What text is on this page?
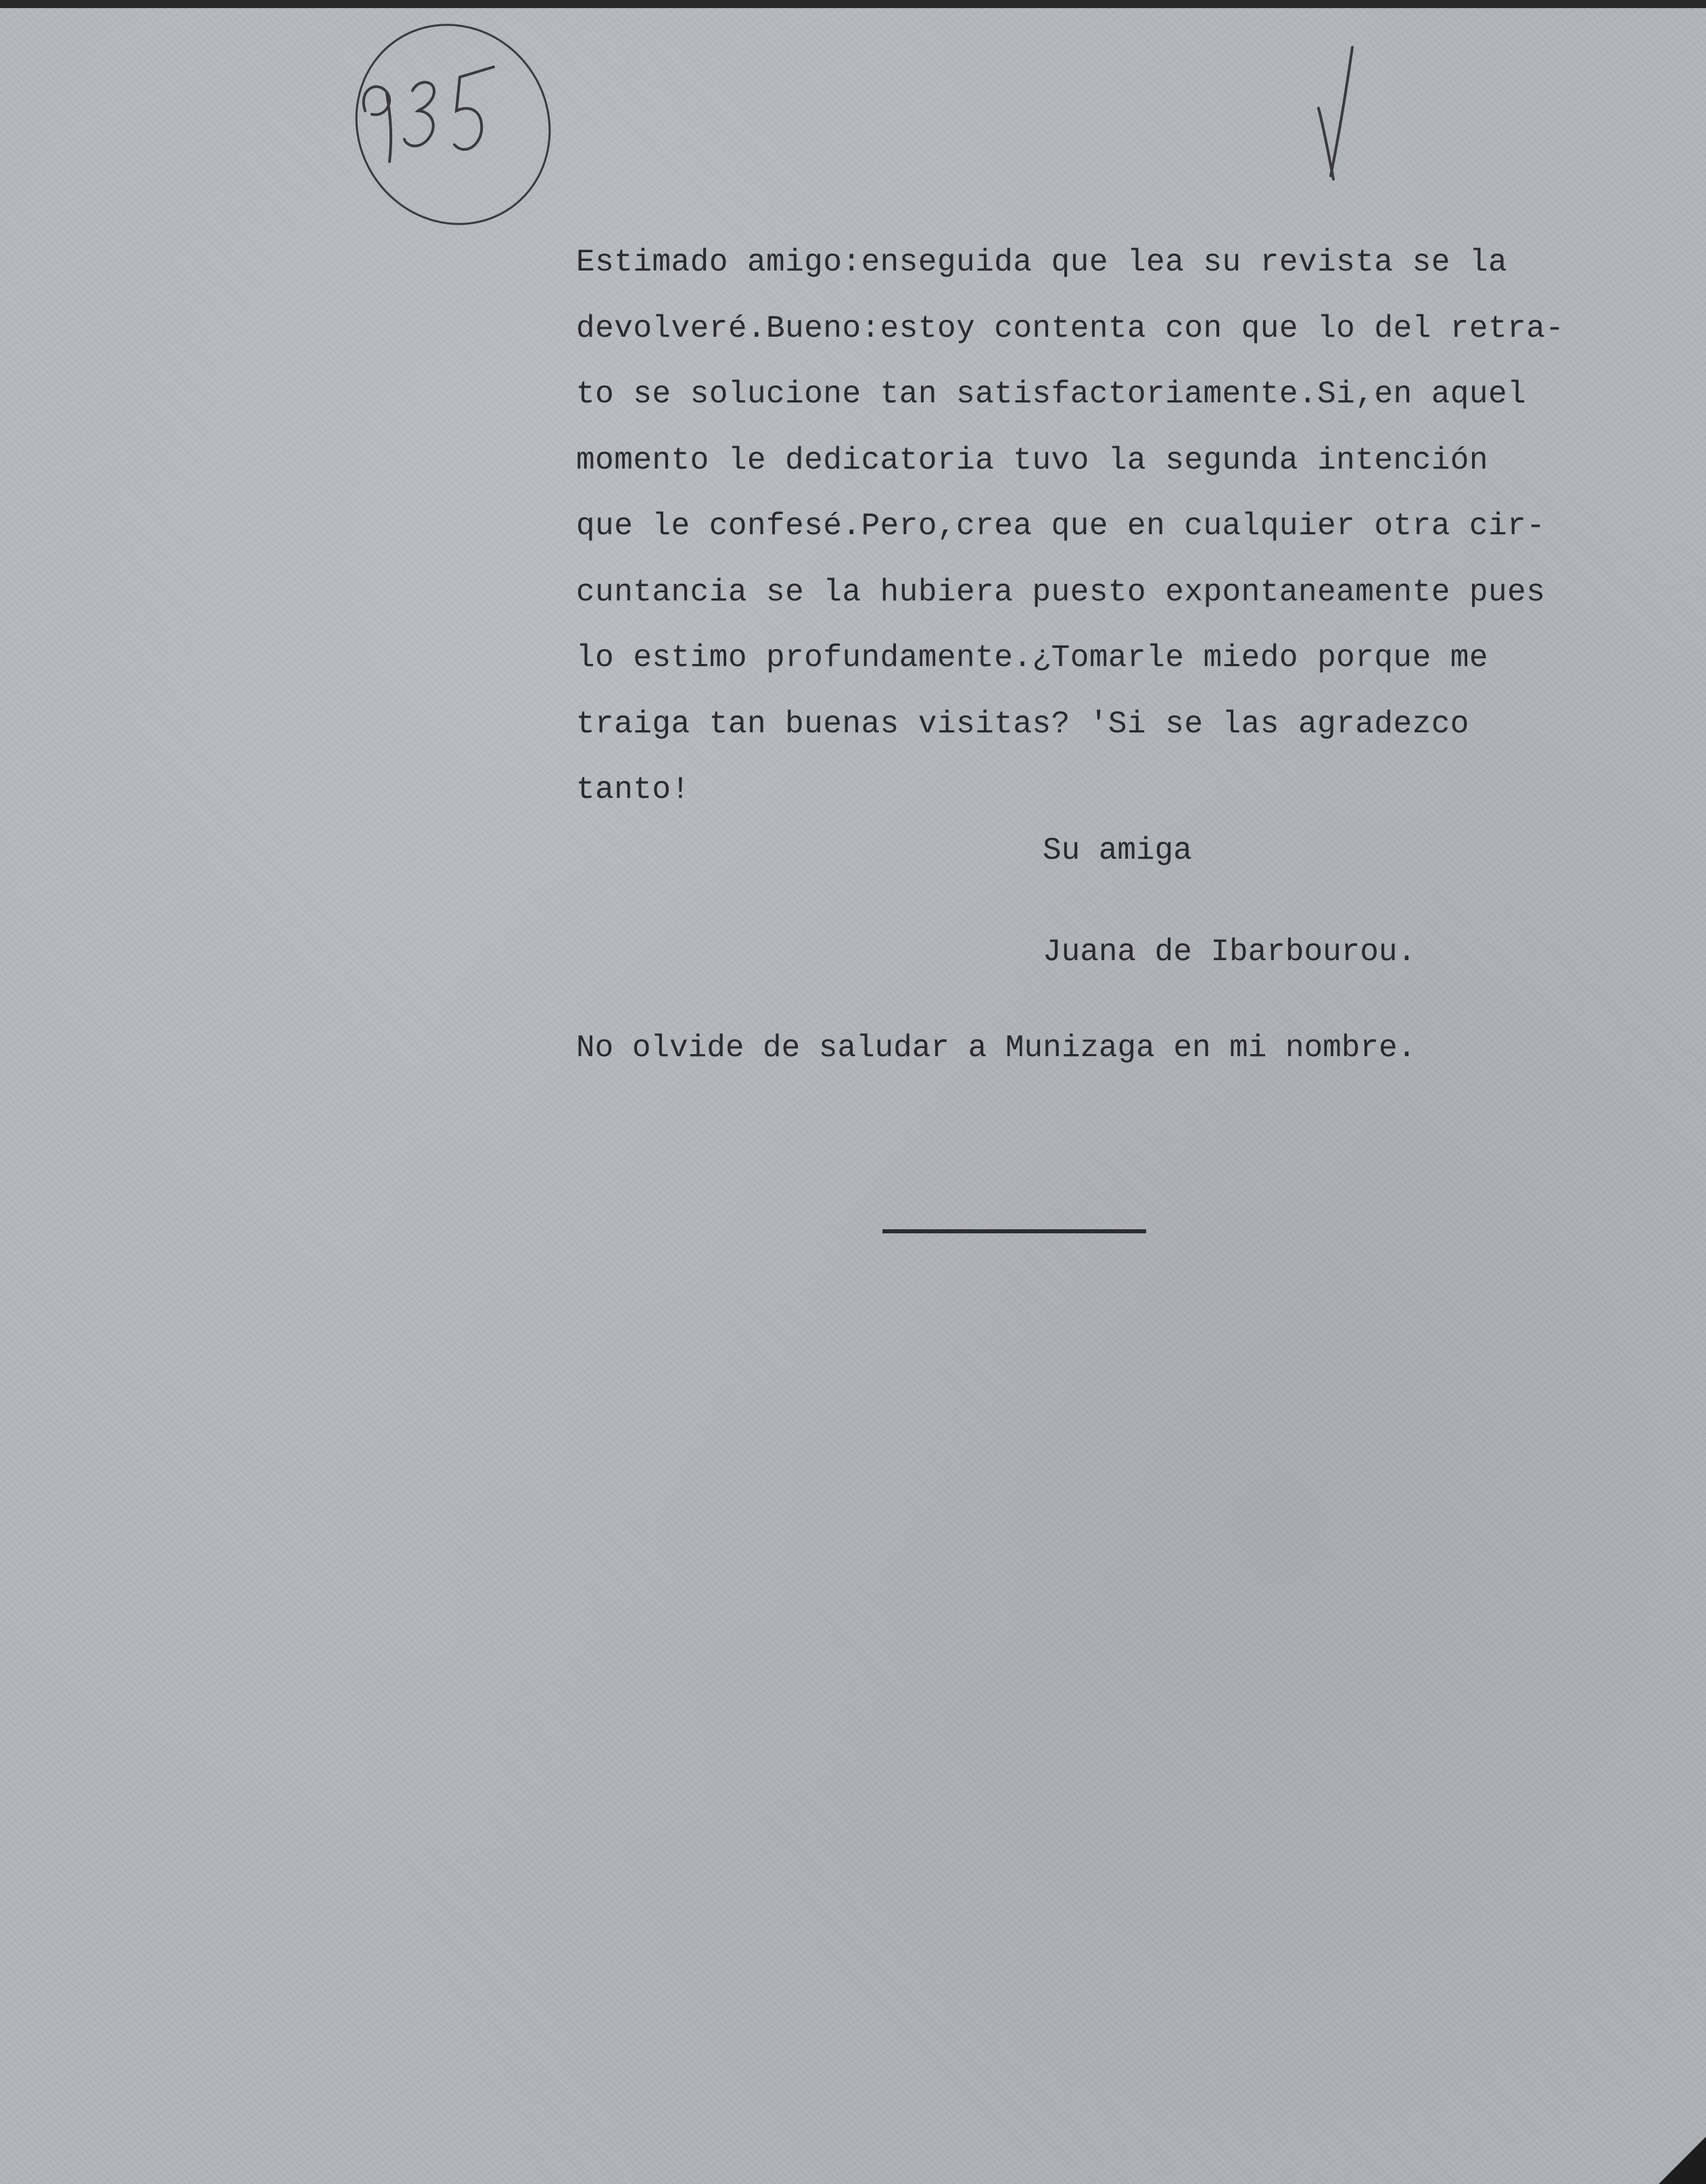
Estimado amigo:enseguida que lea su revista se la
devolveré.Bueno:estoy contenta con que lo del retra-
to se solucione tan satisfactoriamente.Si,en aquel
momento le dedicatoria tuvo la segunda intención
que le confesé.Pero,crea que en cualquier otra cir-
cuntancia se la hubiera puesto expontaneamente pues
lo estimo profundamente.¿Tomarle miedo porque me
traiga tan buenas visitas? 'Si se las agradezco
tanto!
Su amiga
Juana de Ibarbourou.
No olvide de saludar a Munizaga en mi nombre.
